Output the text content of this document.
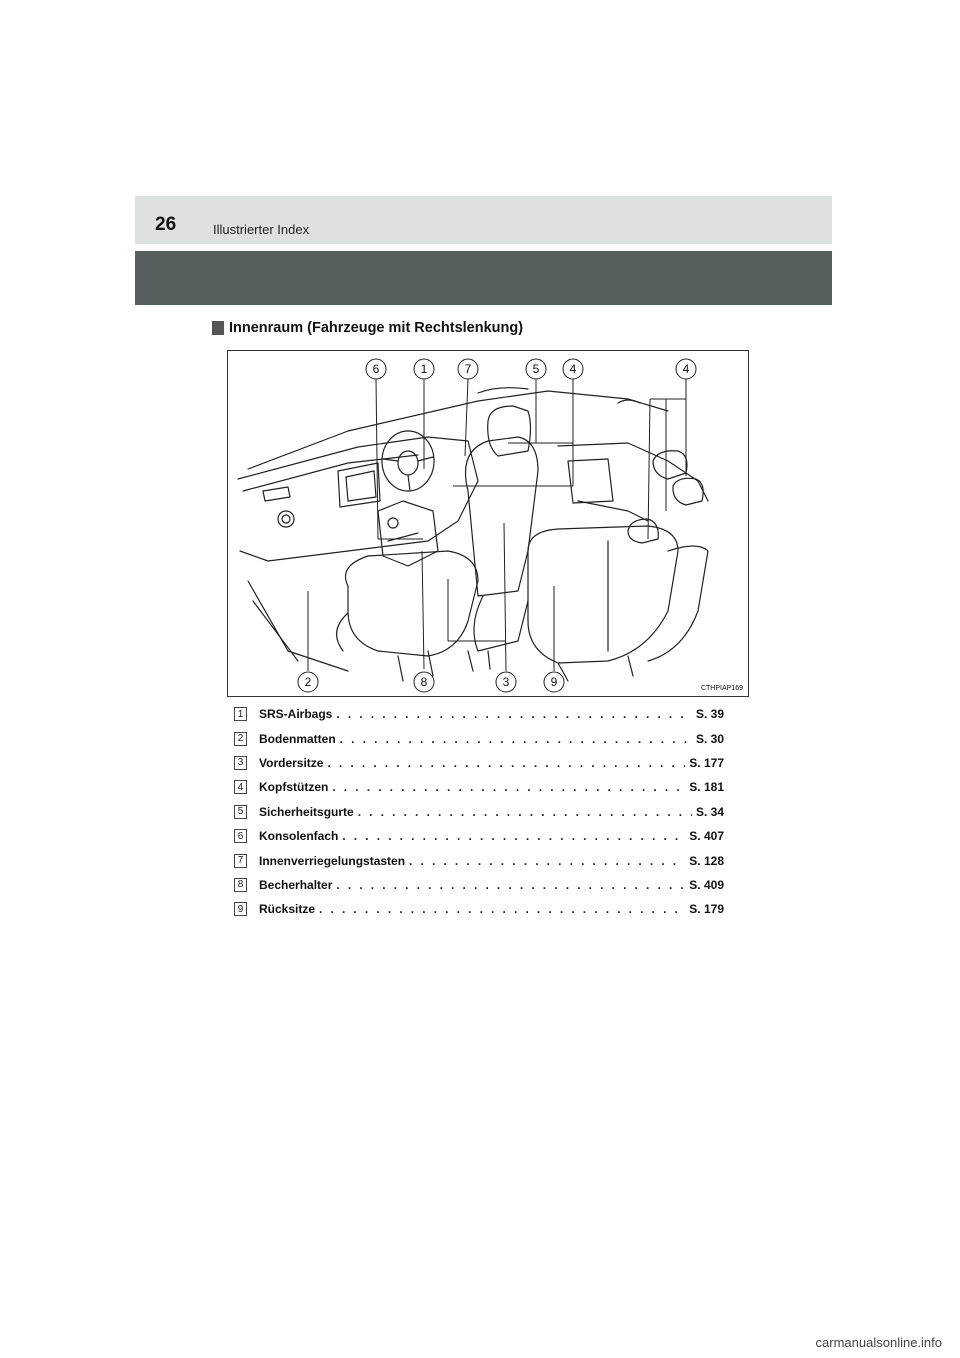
26	Illustrierter Index
Innenraum (Fahrzeuge mit Rechtslenkung)
6	1	7	5	4	4
2	8	3	9	CTHPIAP169
1	SRS-Airbags . . .	S. 39
2	Bodenmatten . . .	S. 30
3	Vordersitze . . .	S. 177
4	Kopfstützen . . .	S. 181
5	Sicherheitsgurte . . .	S. 34
6	Konsolenfach . . .	S. 407
7	Innenverriegelungstasten . . .	S. 128
8	Becherhalter . . .	S. 409
9	Rücksitze . . .	S. 179
carmanualsonline.info
